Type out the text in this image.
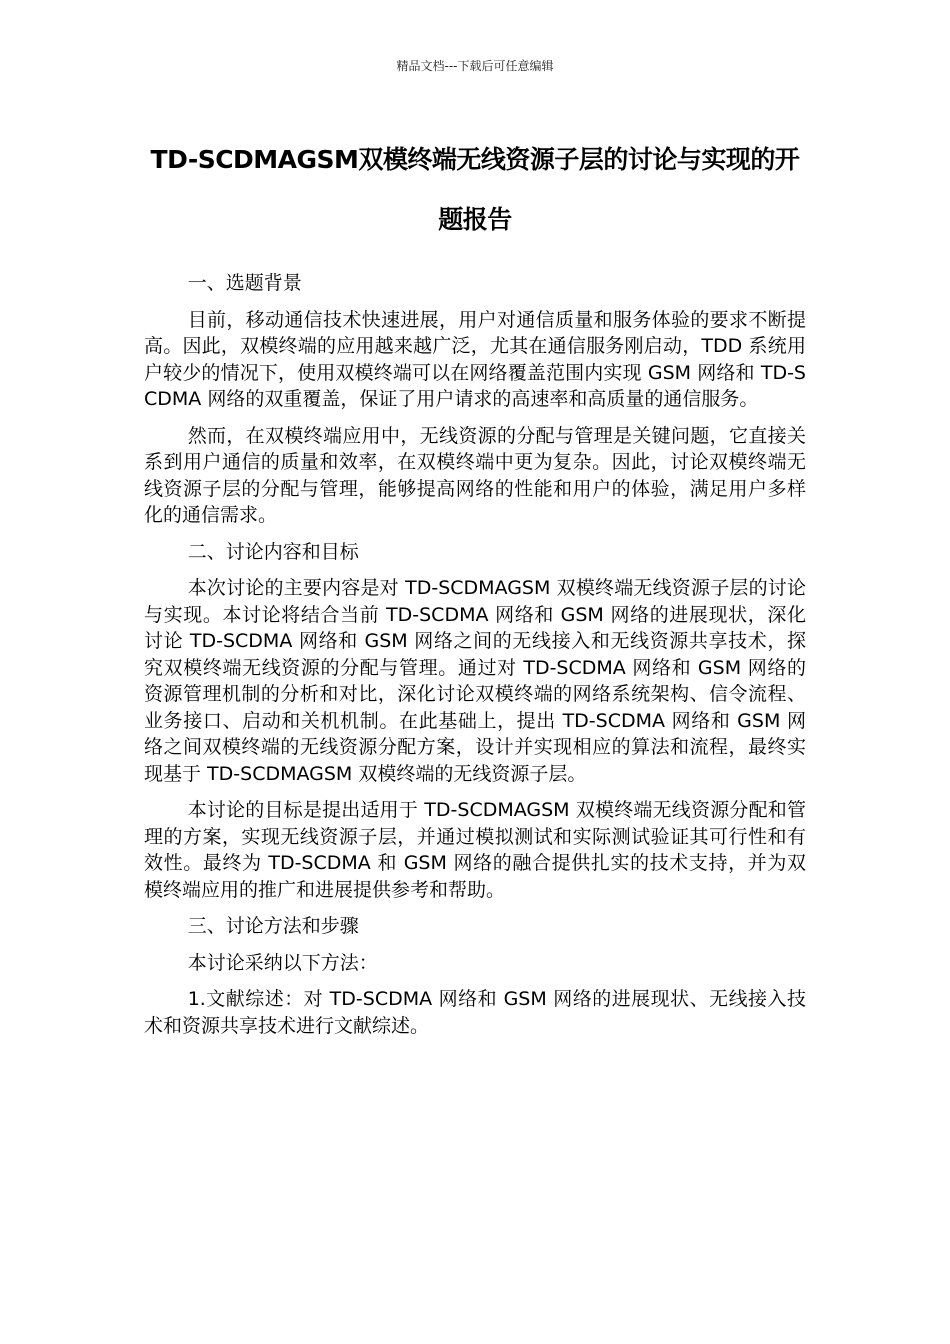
精品文档---下载后可任意编辑
TD-SCDMAGSM双模终端无线资源子层的讨论与实现的开题报告

一、选题背景

目前，移动通信技术快速进展，用户对通信质量和服务体验的要求不断提高。因此，双模终端的应用越来越广泛，尤其在通信服务刚启动，TDD 系统用户较少的情况下，使用双模终端可以在网络覆盖范围内实现 GSM 网络和 TD-SCDMA 网络的双重覆盖，保证了用户请求的高速率和高质量的通信服务。

然而，在双模终端应用中，无线资源的分配与管理是关键问题，它直接关系到用户通信的质量和效率，在双模终端中更为复杂。因此，讨论双模终端无线资源子层的分配与管理，能够提高网络的性能和用户的体验，满足用户多样化的通信需求。

二、讨论内容和目标

本次讨论的主要内容是对 TD-SCDMAGSM 双模终端无线资源子层的讨论与实现。本讨论将结合当前 TD-SCDMA 网络和 GSM 网络的进展现状，深化讨论 TD-SCDMA 网络和 GSM 网络之间的无线接入和无线资源共享技术，探究双模终端无线资源的分配与管理。通过对 TD-SCDMA 网络和 GSM 网络的资源管理机制的分析和对比，深化讨论双模终端的网络系统架构、信令流程、业务接口、启动和关机机制。在此基础上，提出 TD-SCDMA 网络和 GSM 网络之间双模终端的无线资源分配方案，设计并实现相应的算法和流程，最终实现基于 TD-SCDMAGSM 双模终端的无线资源子层。

本讨论的目标是提出适用于 TD-SCDMAGSM 双模终端无线资源分配和管理的方案，实现无线资源子层，并通过模拟测试和实际测试验证其可行性和有效性。最终为 TD-SCDMA 和 GSM 网络的融合提供扎实的技术支持，并为双模终端应用的推广和进展提供参考和帮助。

三、讨论方法和步骤

本讨论采纳以下方法：

1.文献综述：对 TD-SCDMA 网络和 GSM 网络的进展现状、无线接入技术和资源共享技术进行文献综述。
